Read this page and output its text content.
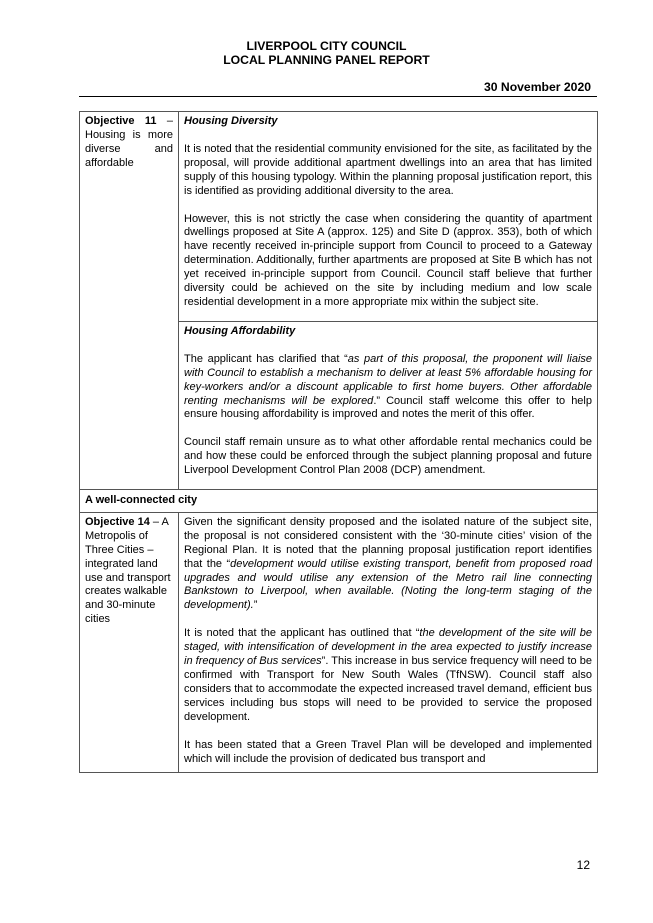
LIVERPOOL CITY COUNCIL
LOCAL PLANNING PANEL REPORT
30 November 2020

Objective 11 – Housing is more diverse and affordable	Housing Diversity

It is noted that the residential community envisioned for the site, as facilitated by the proposal, will provide additional apartment dwellings into an area that has limited supply of this housing typology. Within the planning proposal justification report, this is identified as providing additional diversity to the area.

However, this is not strictly the case when considering the quantity of apartment dwellings proposed at Site A (approx. 125) and Site D (approx. 353), both of which have recently received in-principle support from Council to proceed to a Gateway determination. Additionally, further apartments are proposed at Site B which has not yet received in-principle support from Council. Council staff believe that further diversity could be achieved on the site by including medium and low scale residential development in a more appropriate mix within the subject site.

	Housing Affordability

The applicant has clarified that “as part of this proposal, the proponent will liaise with Council to establish a mechanism to deliver at least 5% affordable housing for key-workers and/or a discount applicable to first home buyers. Other affordable renting mechanisms will be explored.” Council staff welcome this offer to help ensure housing affordability is improved and notes the merit of this offer.

Council staff remain unsure as to what other affordable rental mechanics could be and how these could be enforced through the subject planning proposal and future Liverpool Development Control Plan 2008 (DCP) amendment.

A well-connected city	

Objective 14 – A Metropolis of Three Cities – integrated land use and transport creates walkable and 30-minute cities	Given the significant density proposed and the isolated nature of the subject site, the proposal is not considered consistent with the ‘30-minute cities’ vision of the Regional Plan. It is noted that the planning proposal justification report identifies that the “development would utilise existing transport, benefit from proposed road upgrades and would utilise any extension of the Metro rail line connecting Bankstown to Liverpool, when available. (Noting the long-term staging of the development).”

It is noted that the applicant has outlined that “the development of the site will be staged, with intensification of development in the area expected to justify increase in frequency of Bus services”. This increase in bus service frequency will need to be confirmed with Transport for New South Wales (TfNSW). Council staff also considers that to accommodate the expected increased travel demand, efficient bus services including bus stops will need to be provided to service the proposed development.

It has been stated that a Green Travel Plan will be developed and implemented which will include the provision of dedicated bus transport and

12
